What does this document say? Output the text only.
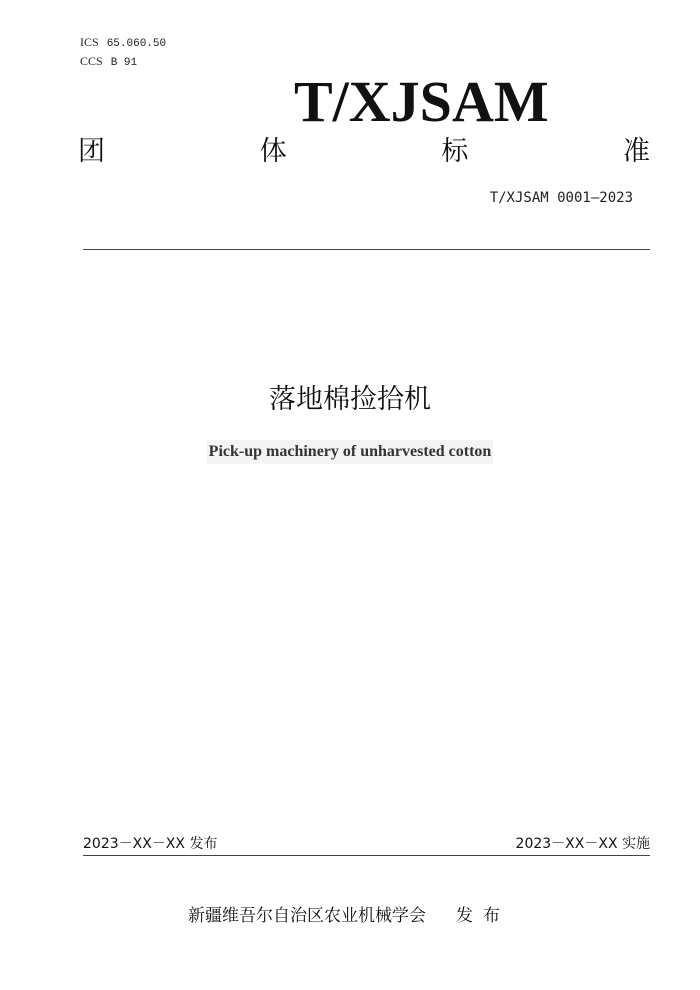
ICS 65.060.50
CCS B 91
T/XJSAM
团	体	标	准
T/XJSAM 0001—2023
落地棉捡拾机
Pick-up machinery of unharvested cotton
2023－XX－XX 发布	2023－XX－XX 实施
新疆维吾尔自治区农业机械学会 发布
